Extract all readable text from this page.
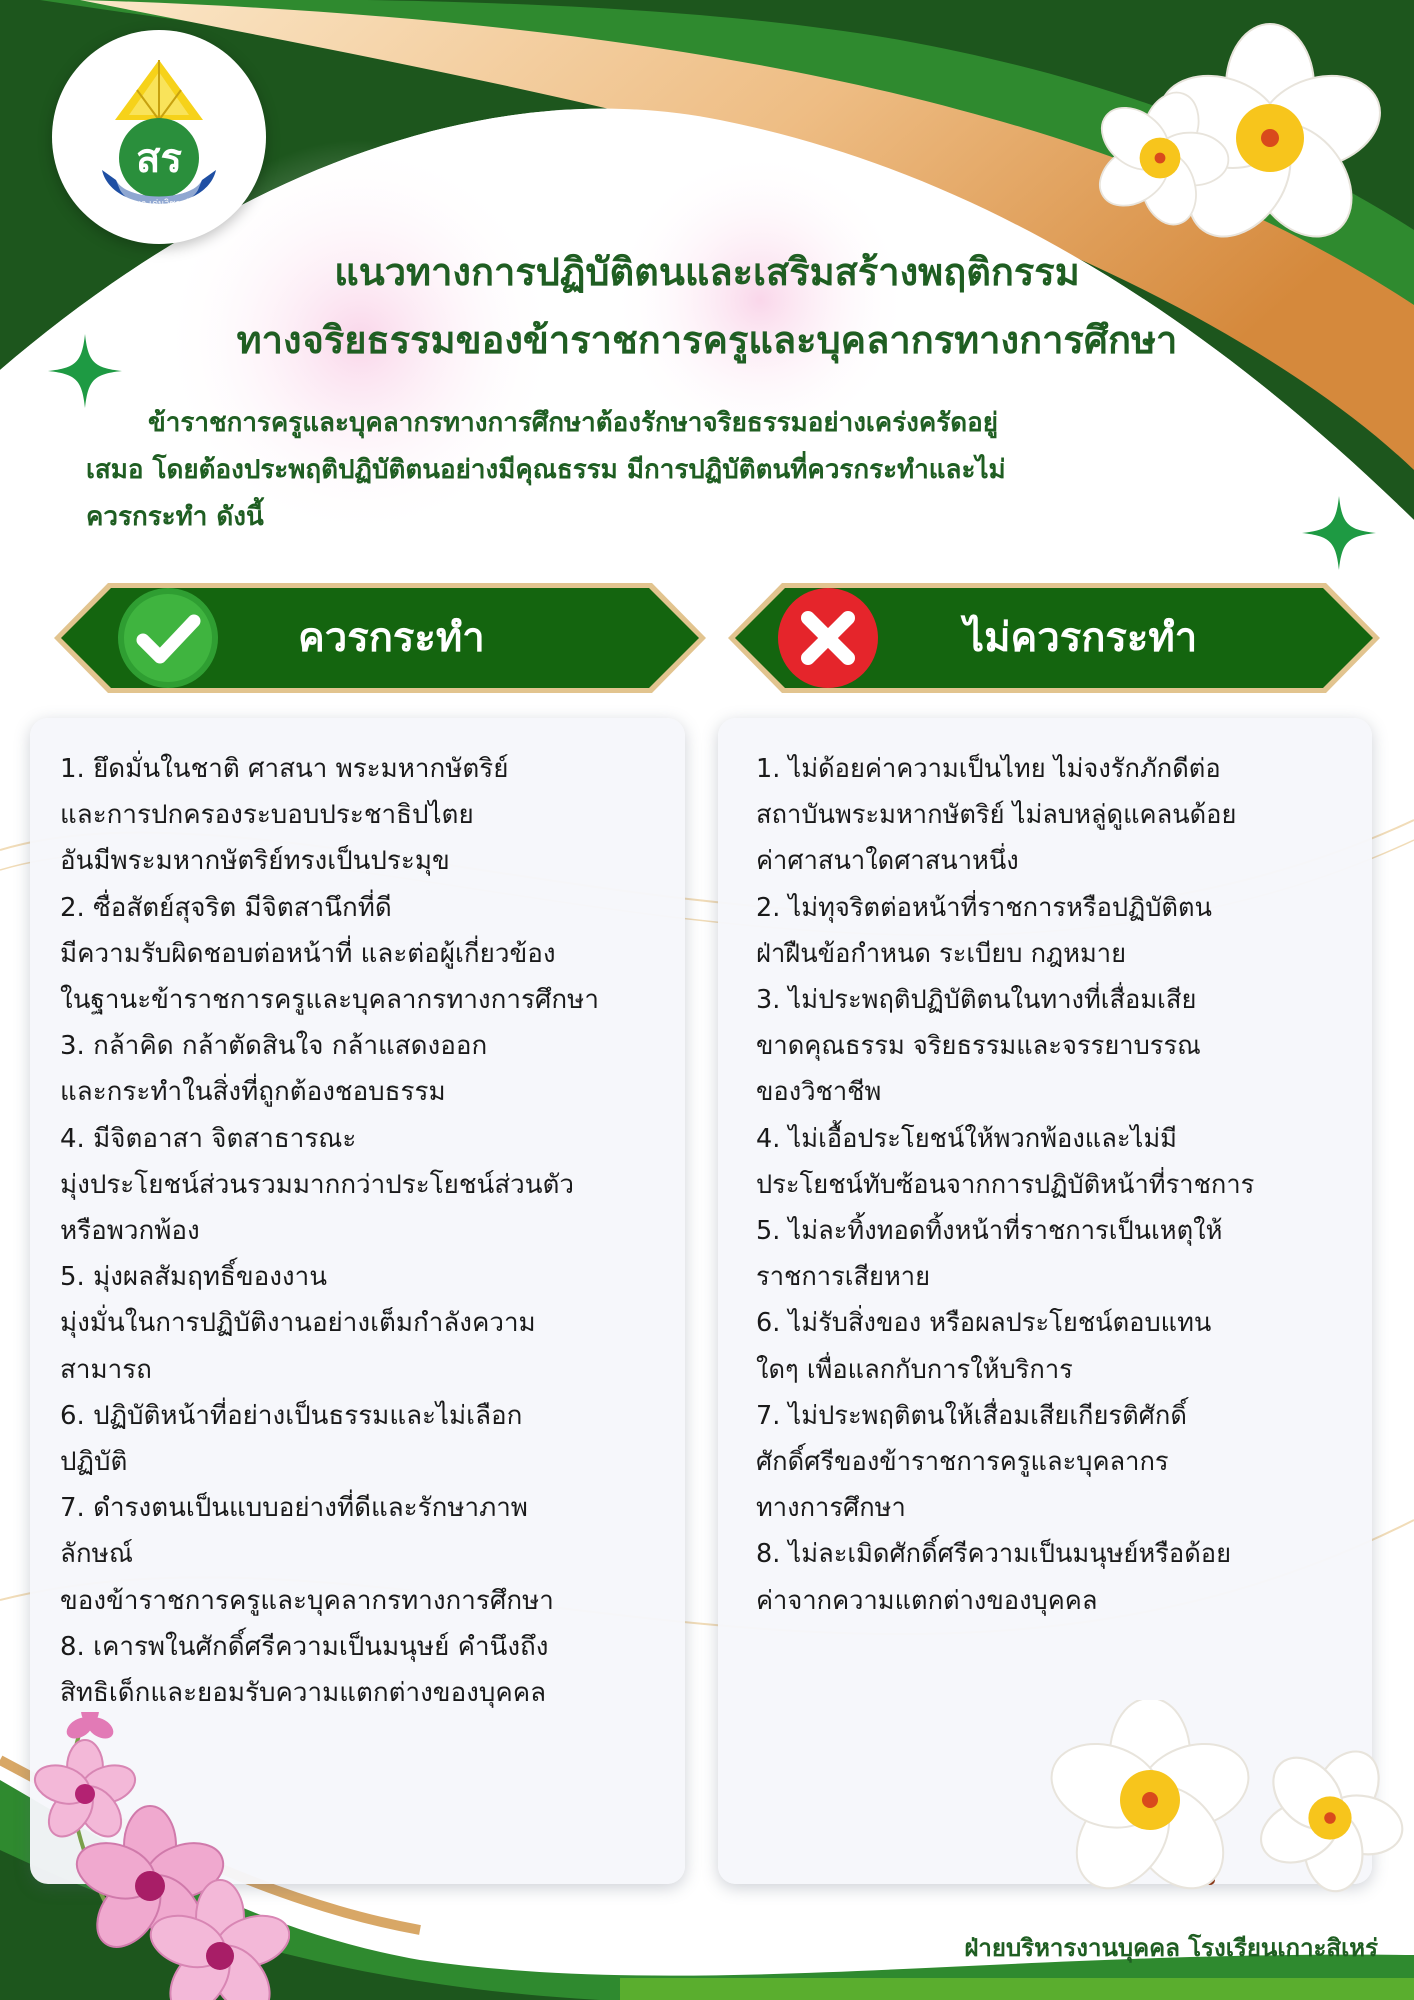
สร
สิตสุขจุลนา เด่นวิชา นำศึกษา
แนวทางการปฏิบัติตนและเสริมสร้างพฤติกรรม
ทางจริยธรรมของข้าราชการครูและบุคลากรทางการศึกษา
ข้าราชการครูและบุคลากรทางการศึกษาต้องรักษาจริยธรรมอย่างเคร่งครัดอยู่
เสมอ โดยต้องประพฤติปฏิบัติตนอย่างมีคุณธรรม มีการปฏิบัติตนที่ควรกระทำและไม่
ควรกระทำ ดังนี้
1. ยึดมั่นในชาติ ศาสนา พระมหากษัตริย์
และการปกครองระบอบประชาธิปไตย
อันมีพระมหากษัตริย์ทรงเป็นประมุข
2. ซื่อสัตย์สุจริต มีจิตสานึกที่ดี
มีความรับผิดชอบต่อหน้าที่ และต่อผู้เกี่ยวข้อง
ในฐานะข้าราชการครูและบุคลากรทางการศึกษา
3. กล้าคิด กล้าตัดสินใจ กล้าแสดงออก
และกระทำในสิ่งที่ถูกต้องชอบธรรม
4. มีจิตอาสา จิตสาธารณะ
มุ่งประโยชน์ส่วนรวมมากกว่าประโยชน์ส่วนตัว
หรือพวกพ้อง
5. มุ่งผลสัมฤทธิ์ของงาน
มุ่งมั่นในการปฏิบัติงานอย่างเต็มกำลังความ
สามารถ
6. ปฏิบัติหน้าที่อย่างเป็นธรรมและไม่เลือก
ปฏิบัติ
7. ดำรงตนเป็นแบบอย่างที่ดีและรักษาภาพ
ลักษณ์
ของข้าราชการครูและบุคลากรทางการศึกษา
8. เคารพในศักดิ์ศรีความเป็นมนุษย์ คำนึงถึง
สิทธิเด็กและยอมรับความแตกต่างของบุคคล
1. ไม่ด้อยค่าความเป็นไทย ไม่จงรักภักดีต่อ
สถาบันพระมหากษัตริย์ ไม่ลบหลู่ดูแคลนด้อย
ค่าศาสนาใดศาสนาหนึ่ง
2. ไม่ทุจริตต่อหน้าที่ราชการหรือปฏิบัติตน
ฝ่าฝืนข้อกำหนด ระเบียบ กฎหมาย
3. ไม่ประพฤติปฏิบัติตนในทางที่เสื่อมเสีย
ขาดคุณธรรม จริยธรรมและจรรยาบรรณ
ของวิชาชีพ
4. ไม่เอื้อประโยชน์ให้พวกพ้องและไม่มี
ประโยชน์ทับซ้อนจากการปฏิบัติหน้าที่ราชการ
5. ไม่ละทิ้งทอดทิ้งหน้าที่ราชการเป็นเหตุให้
ราชการเสียหาย
6. ไม่รับสิ่งของ หรือผลประโยชน์ตอบแทน
ใดๆ เพื่อแลกกับการให้บริการ
7. ไม่ประพฤติตนให้เสื่อมเสียเกียรติศักดิ์
ศักดิ์ศรีของข้าราชการครูและบุคลากร
ทางการศึกษา
8. ไม่ละเมิดศักดิ์ศรีความเป็นมนุษย์หรือด้อย
ค่าจากความแตกต่างของบุคคล
ควรกระทำ	ไม่ควรกระทำ
ฝ่ายบริหารงานบุคคล โรงเรียนเกาะสิเหร่
